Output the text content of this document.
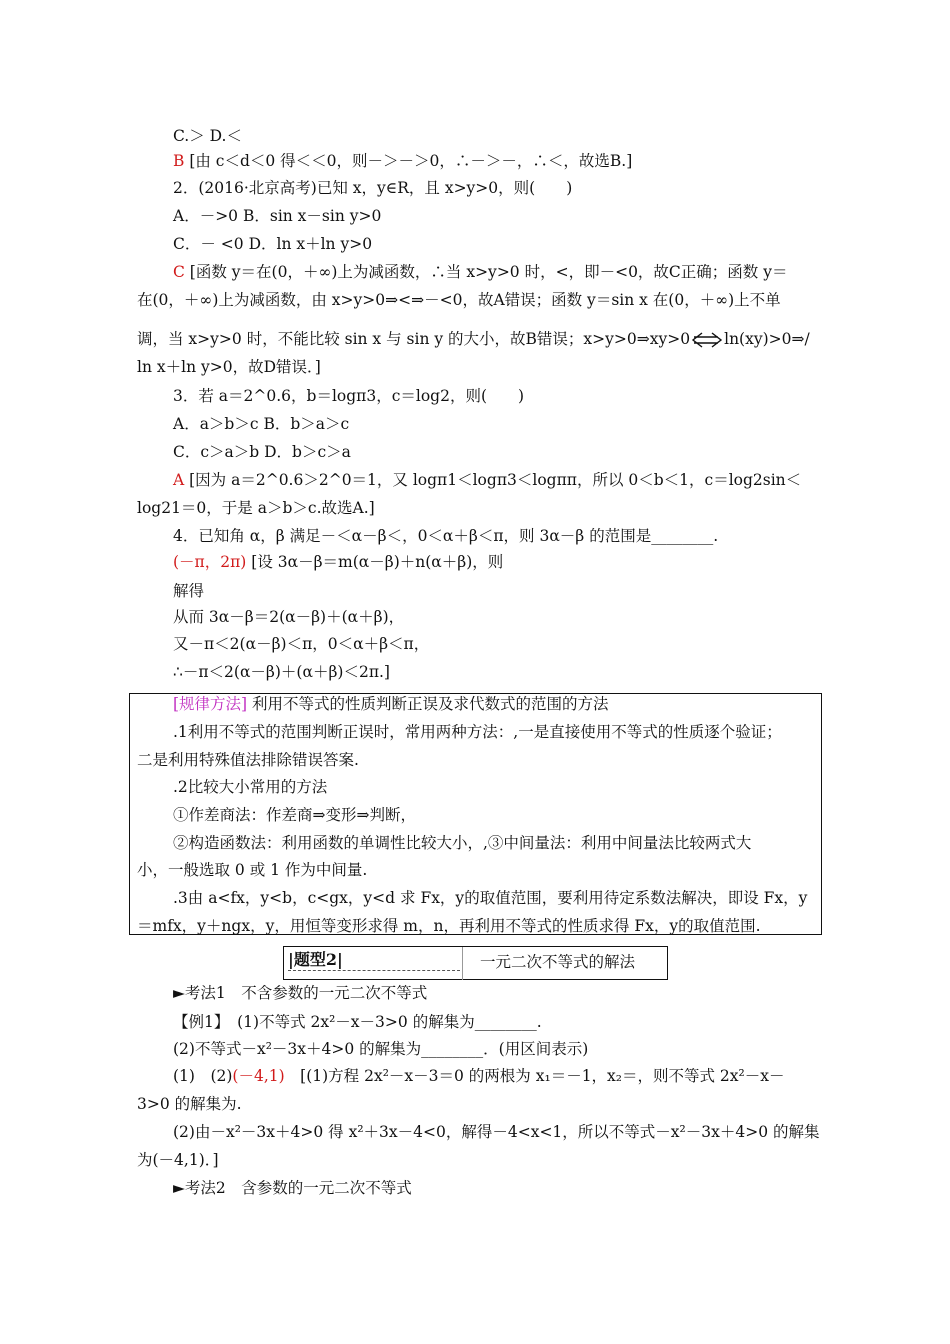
C.＞ D.＜
B [由 c＜d＜0 得＜＜0，则－＞－＞0，∴－＞－，∴＜，故选B.]
2．(2016·北京高考)已知 x，y∈R，且 x>y>0，则(　　)
A．－>0 B．sin x－sin y>0
C．－ <0 D．ln x＋ln y>0
C [函数 y＝在(0，＋∞)上为减函数，∴当 x>y>0 时，<，即－<0，故C正确；函数 y＝
在(0，＋∞)上为减函数，由 x>y>0⇒<⇒－<0，故A错误；函数 y＝sin x 在(0，＋∞)上不单
调，当 x>y>0 时，不能比较 sin x 与 sin y 的大小，故B错误；x>y>0⇒xy>0 ln(xy)>0⇒/
ln x＋ln y>0，故D错误．]
3．若 a＝2^0.6，b＝logπ3，c＝log2，则(　　)
A．a＞b＞c B．b＞a＞c
C．c＞a＞b D．b＞c＞a
A [因为 a＝2^0.6＞2^0＝1，又 logπ1＜logπ3＜logππ，所以 0＜b＜1，c＝log2sin＜
log21＝0，于是 a＞b＞c.故选A.]
4．已知角 α，β 满足－＜α－β＜，0＜α＋β＜π，则 3α－β 的范围是________.
(－π，2π) [设 3α－β＝m(α－β)＋n(α＋β)，则
解得
从而 3α－β＝2(α－β)＋(α＋β)，
又－π＜2(α－β)＜π，0＜α＋β＜π，
∴－π＜2(α－β)＋(α＋β)＜2π.]
[规律方法] 利用不等式的性质判断正误及求代数式的范围的方法
.1利用不等式的范围判断正误时，常用两种方法：,一是直接使用不等式的性质逐个验证；
二是利用特殊值法排除错误答案.
.2比较大小常用的方法
①作差商法：作差商⇒变形⇒判断，
②构造函数法：利用函数的单调性比较大小，,③中间量法：利用中间量法比较两式大
小，一般选取 0 或 1 作为中间量.
.3由 a<fx，y<b，c<gx，y<d 求 Fx，y的取值范围，要利用待定系数法解决，即设 Fx，y
＝mfx，y＋ngx，y，用恒等变形求得 m，n，再利用不等式的性质求得 Fx，y的取值范围.
►考法1　不含参数的一元二次不等式
【例1】　(1)不等式 2x²－x－3>0 的解集为________.
(2)不等式－x²－3x＋4>0 的解集为________．(用区间表示)
(1)　(2)(－4,1)　[(1)方程 2x²－x－3＝0 的两根为 x₁＝－1，x₂＝，则不等式 2x²－x－
3>0 的解集为.
(2)由－x²－3x＋4>0 得 x²＋3x－4<0，解得－4<x<1，所以不等式－x²－3x＋4>0 的解集
为(－4,1)．]
►考法2　含参数的一元二次不等式
|题型2|	一元二次不等式的解法
